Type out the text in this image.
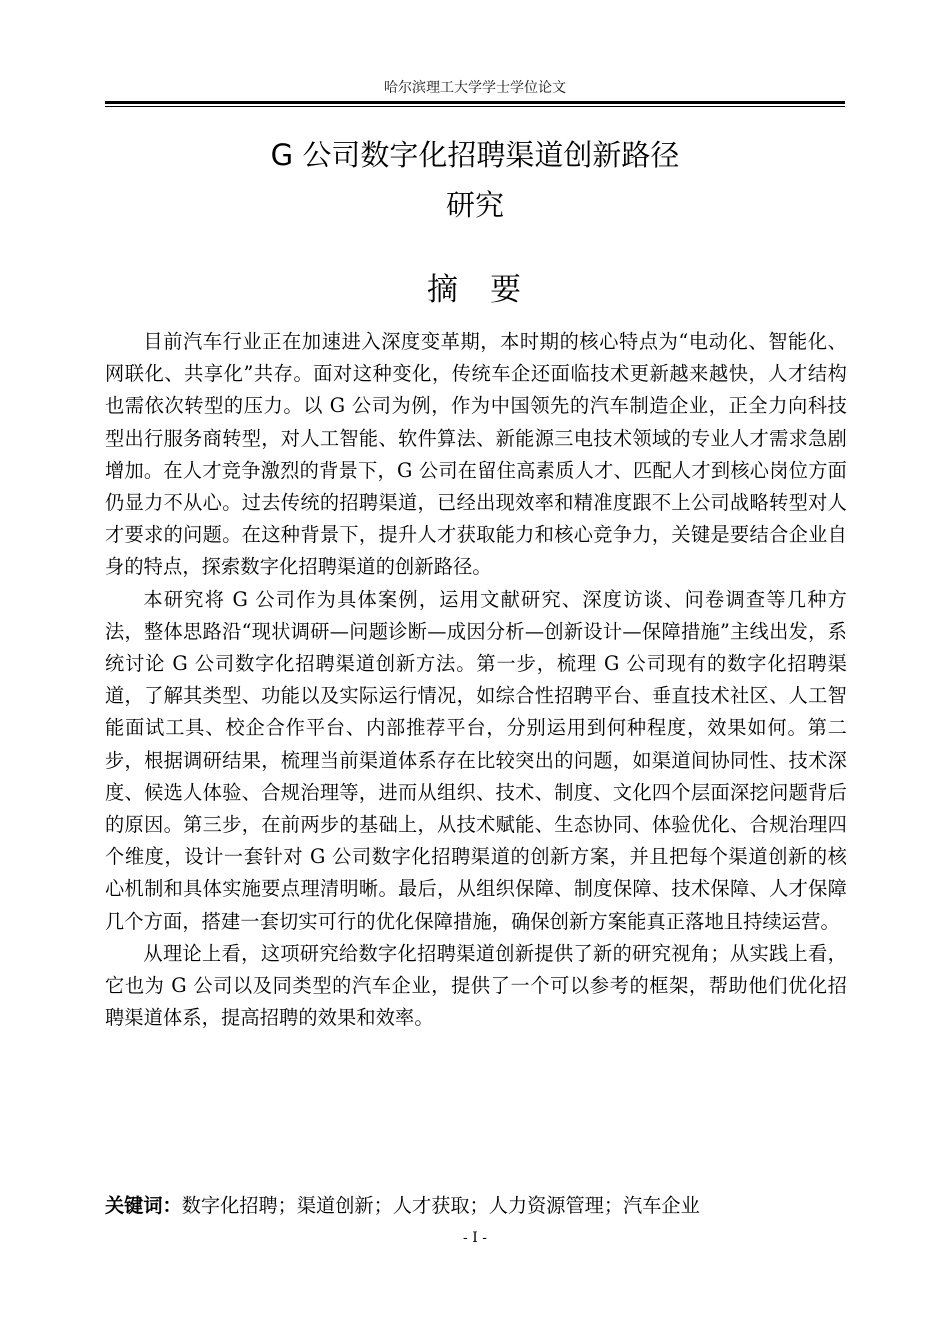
哈尔滨理工大学学士学位论文
G 公司数字化招聘渠道创新路径
研究
摘 要

目前汽车行业正在加速进入深度变革期，本时期的核心特点为“电动化、智能化、网联化、共享化”共存。面对这种变化，传统车企还面临技术更新越来越快，人才结构也需依次转型的压力。以 G 公司为例，作为中国领先的汽车制造企业，正全力向科技型出行服务商转型，对人工智能、软件算法、新能源三电技术领域的专业人才需求急剧增加。在人才竞争激烈的背景下，G 公司在留住高素质人才、匹配人才到核心岗位方面仍显力不从心。过去传统的招聘渠道，已经出现效率和精准度跟不上公司战略转型对人才要求的问题。在这种背景下，提升人才获取能力和核心竞争力，关键是要结合企业自身的特点，探索数字化招聘渠道的创新路径。

本研究将 G 公司作为具体案例，运用文献研究、深度访谈、问卷调查等几种方法，整体思路沿“现状调研—问题诊断—成因分析—创新设计—保障措施”主线出发，系统讨论 G 公司数字化招聘渠道创新方法。第一步，梳理 G 公司现有的数字化招聘渠道，了解其类型、功能以及实际运行情况，如综合性招聘平台、垂直技术社区、人工智能面试工具、校企合作平台、内部推荐平台，分别运用到何种程度，效果如何。第二步，根据调研结果，梳理当前渠道体系存在比较突出的问题，如渠道间协同性、技术深度、候选人体验、合规治理等，进而从组织、技术、制度、文化四个层面深挖问题背后的原因。第三步，在前两步的基础上，从技术赋能、生态协同、体验优化、合规治理四个维度，设计一套针对 G 公司数字化招聘渠道的创新方案，并且把每个渠道创新的核心机制和具体实施要点理清明晰。最后，从组织保障、制度保障、技术保障、人才保障几个方面，搭建一套切实可行的优化保障措施，确保创新方案能真正落地且持续运营。

从理论上看，这项研究给数字化招聘渠道创新提供了新的研究视角；从实践上看，它也为 G 公司以及同类型的汽车企业，提供了一个可以参考的框架，帮助他们优化招聘渠道体系，提高招聘的效果和效率。

关键词：数字化招聘；渠道创新；人才获取；人力资源管理；汽车企业
- I -
